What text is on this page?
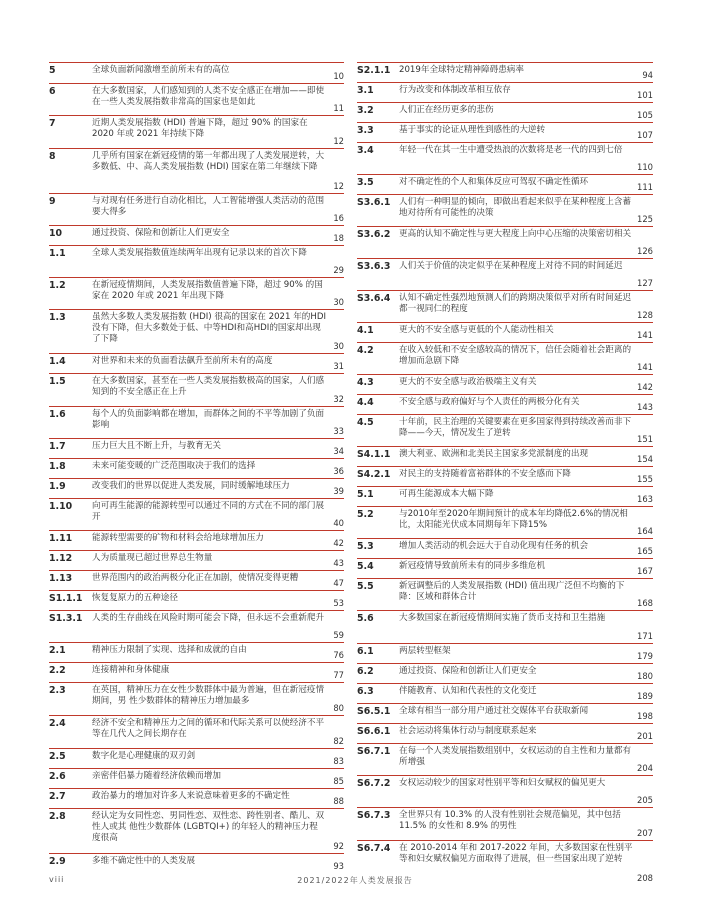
5	全球负面新闻激增至前所未有的高位
10
6	在大多数国家，人们感知到的人类不安全感正在增加——即使在一些人类发展指数非常高的国家也是如此
11
7	近期人类发展指数 (HDI) 普遍下降，超过 90% 的国家在 2020 年或 2021 年持续下降
12
8	几乎所有国家在新冠疫情的第一年都出现了人类发展逆转，大多数低、中、高人类发展指数 (HDI) 国家在第二年继续下降
12
9	与对现有任务进行自动化相比，人工智能增强人类活动的范围要大得多
16
10	通过投资、保险和创新让人们更安全	18
1.1	全球人类发展指数值连续两年出现有记录以来的首次下降
29
1.2	在新冠疫情期间，人类发展指数值普遍下降，超过 90% 的国家在 2020 年或 2021 年出现下降
30
1.3	虽然大多数人类发展指数 (HDI) 很高的国家在 2021 年的HDI没有下降，但大多数处于低、中等HDI和高HDI的国家却出现了下降
30
1.4	对世界和未来的负面看法飙升至前所未有的高度	31
1.5	在大多数国家，甚至在一些人类发展指数极高的国家，人们感知到的不安全感正在上升
32
1.6	每个人的负面影响都在增加，而群体之间的不平等加剧了负面影响
33
1.7	压力巨大且不断上升，与教育无关	34
1.8	未来可能变暖的广泛范围取决于我们的选择	36
1.9	改变我们的世界以促进人类发展，同时缓解地球压力	39
1.10	向可再生能源的能源转型可以通过不同的方式在不同的部门展开
40
1.11	能源转型需要的矿物和材料会给地球增加压力	42
1.12	人为质量现已超过世界总生物量	43
1.13	世界范围内的政治两极分化正在加剧，使情况变得更糟	47
S1.1.1	恢复复原力的五种途径	53
S1.3.1	人类的生存曲线在风险时期可能会下降，但永远不会重新爬升
59
2.1	精神压力限制了实现、选择和成就的自由	76
2.2	连接精神和身体健康	77
2.3	在英国，精神压力在女性少数群体中最为普遍，但在新冠疫情期间，男 性少数群体的精神压力增加最多
80
2.4	经济不安全和精神压力之间的循环和代际关系可以使经济不平等在几代人之间长期存在
82
2.5	数字化是心理健康的双刃剑	83
2.6	亲密伴侣暴力随着经济依赖而增加	85
2.7	政治暴力的增加对许多人来说意味着更多的不确定性	88
2.8	经认定为女同性恋、男同性恋、双性恋、跨性别者、酷儿、双性人或其 他性少数群体 (LGBTQI+) 的年轻人的精神压力程度很高
92
2.9	多维不确定性中的人类发展	93
S2.1.1 2019年全球特定精神障碍患病率	94
3.1	行为改变和体制改革相互依存	101
3.2	人们正在经历更多的悲伤	105
3.3	基于事实的论证从理性到感性的大逆转	107
3.4	年轻一代在其一生中遭受热浪的次数将是老一代的四到七倍
110
3.5	对不确定性的个人和集体反应可驾驭不确定性循环	111
S3.6.1 人们有一种明显的倾向，即做出看起来似乎在某种程度上含蓄地对待所有可能性的决策
125
S3.6.2 更高的认知不确定性与更大程度上向中心压缩的决策密切相关
126
S3.6.3 人们关于价值的决定似乎在某种程度上对待不同的时间延迟
127
S3.6.4 认知不确定性强烈地预测人们的跨期决策似乎对所有时间延迟都一视同仁的程度
128
4.1	更大的不安全感与更低的个人能动性相关	141
4.2	在收入较低和不安全感较高的情况下，信任会随着社会距离的增加而急剧下降
141
4.3	更大的不安全感与政治极端主义有关	142
4.4	不安全感与政府偏好与个人责任的两极分化有关	143
4.5	十年前，民主治理的关键要素在更多国家得到持续改善而非下降——今天，情况发生了逆转
151
S4.1.1 澳大利亚、欧洲和北美民主国家多党派制度的出现	154
S4.2.1 对民主的支持随着富裕群体的不安全感而下降	155
5.1	可再生能源成本大幅下降	163
5.2	与2010年至2020年期间预计的成本年均降低2.6%的情况相比，太阳能光伏成本同期每年下降15%
164
5.3	增加人类活动的机会远大于自动化现有任务的机会	165
5.4	新冠疫情导致前所未有的同步多维危机	167
5.5	新冠调整后的人类发展指数 (HDI) 值出现广泛但不均衡的下降：区域和群体合计
168
5.6	大多数国家在新冠疫情期间实施了货币支持和卫生措施
171
6.1	两层转型框架	179
6.2	通过投资、保险和创新让人们更安全	180
6.3	伴随教育、认知和代表性的文化变迁	189
S6.5.1 全球有相当一部分用户通过社交媒体平台获取新闻	198
S6.6.1 社会运动将集体行动与制度联系起来	201
S6.7.1 在每一个人类发展指数组别中，女权运动的自主性和力量都有所增强
204
S6.7.2 女权运动较少的国家对性别平等和妇女赋权的偏见更大
205
S6.7.3 全世界只有 10.3% 的人没有性别社会规范偏见，其中包括 11.5% 的女性和 8.9% 的男性
207
S6.7.4 在 2010-2014 年和 2017-2022 年间，大多数国家在性别平等和妇女赋权偏见方面取得了进展，但一些国家出现了逆转
208
viii	2021/2022年人类发展报告
